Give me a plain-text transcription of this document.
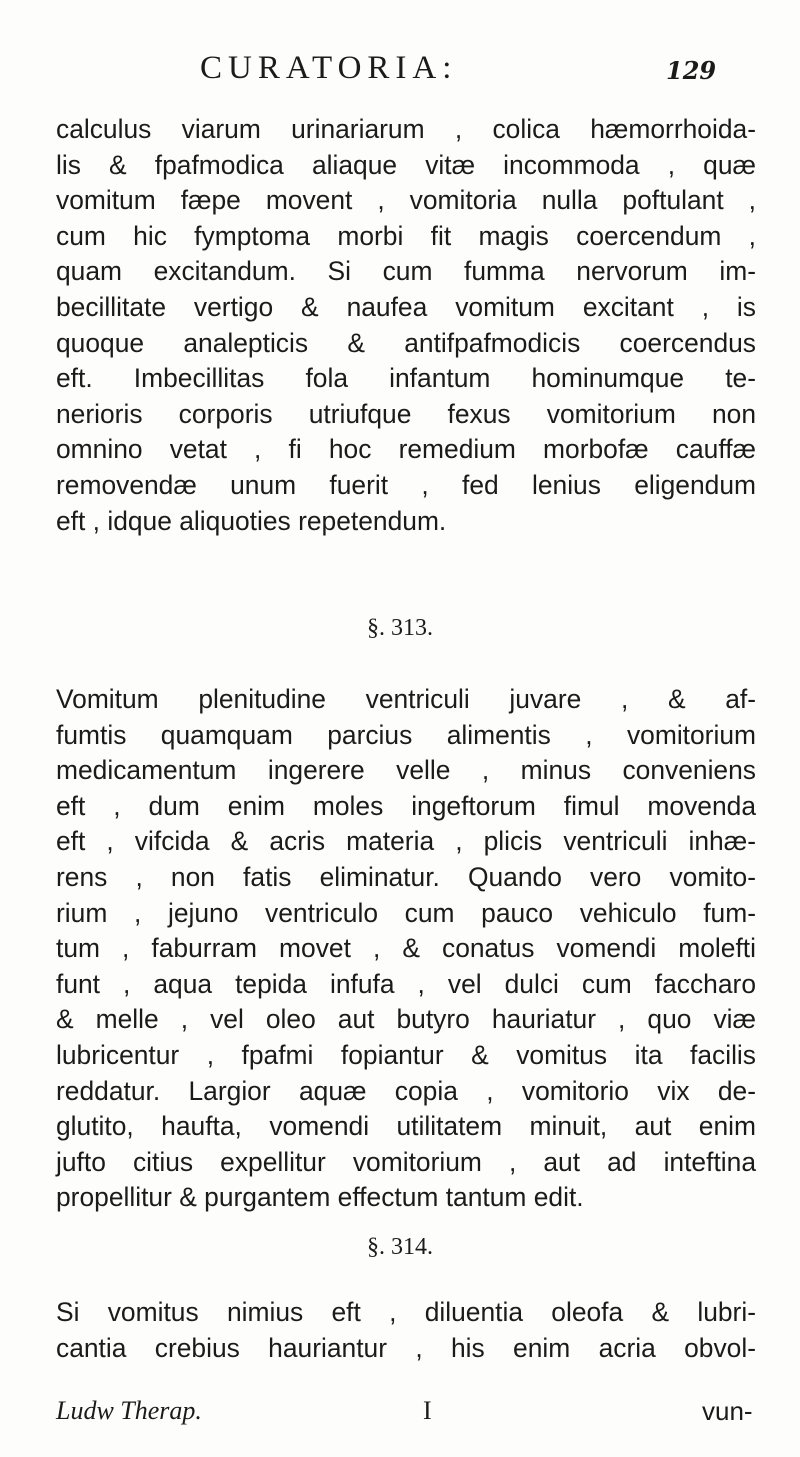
CURATORIA:	129
calculus viarum urinariarum , colica hæmorrhoida-
lis & fpafmodica aliaque vitæ incommoda , quæ
vomitum fæpe movent , vomitoria nulla poftulant ,
cum hic fymptoma morbi fit magis coercendum ,
quam excitandum. Si cum fumma nervorum im-
becillitate vertigo & naufea vomitum excitant , is
quoque analepticis & antifpafmodicis coercendus
eft. Imbecillitas fola infantum hominumque te-
nerioris corporis utriufque fexus vomitorium non
omnino vetat , fi hoc remedium morbofæ cauffæ
removendæ unum fuerit , fed lenius eligendum
eft , idque aliquoties repetendum.
§. 313.
Vomitum plenitudine ventriculi juvare , & af-
fumtis quamquam parcius alimentis , vomitorium
medicamentum ingerere velle , minus conveniens
eft , dum enim moles ingeftorum fimul movenda
eft , vifcida & acris materia , plicis ventriculi inhæ-
rens , non fatis eliminatur. Quando vero vomito-
rium , jejuno ventriculo cum pauco vehiculo fum-
tum , faburram movet , & conatus vomendi molefti
funt , aqua tepida infufa , vel dulci cum facchаro
& melle , vel oleo aut butyro hauriatur , quo viæ
lubricentur , fpafmi fopiantur & vomitus ita facilis
reddatur. Largior aquæ copia , vomitorio vix de-
glutito, haufta, vomendi utilitatem minuit, aut enim
jufto citius expellitur vomitorium , aut ad inteftina
propellitur & purgantem effectum tantum edit.
§. 314.
Si vomitus nimius eft , diluentia oleofa & lubri-
cantia crebius hauriantur , his enim acria obvol-
Ludw Therap.	I	vun-
